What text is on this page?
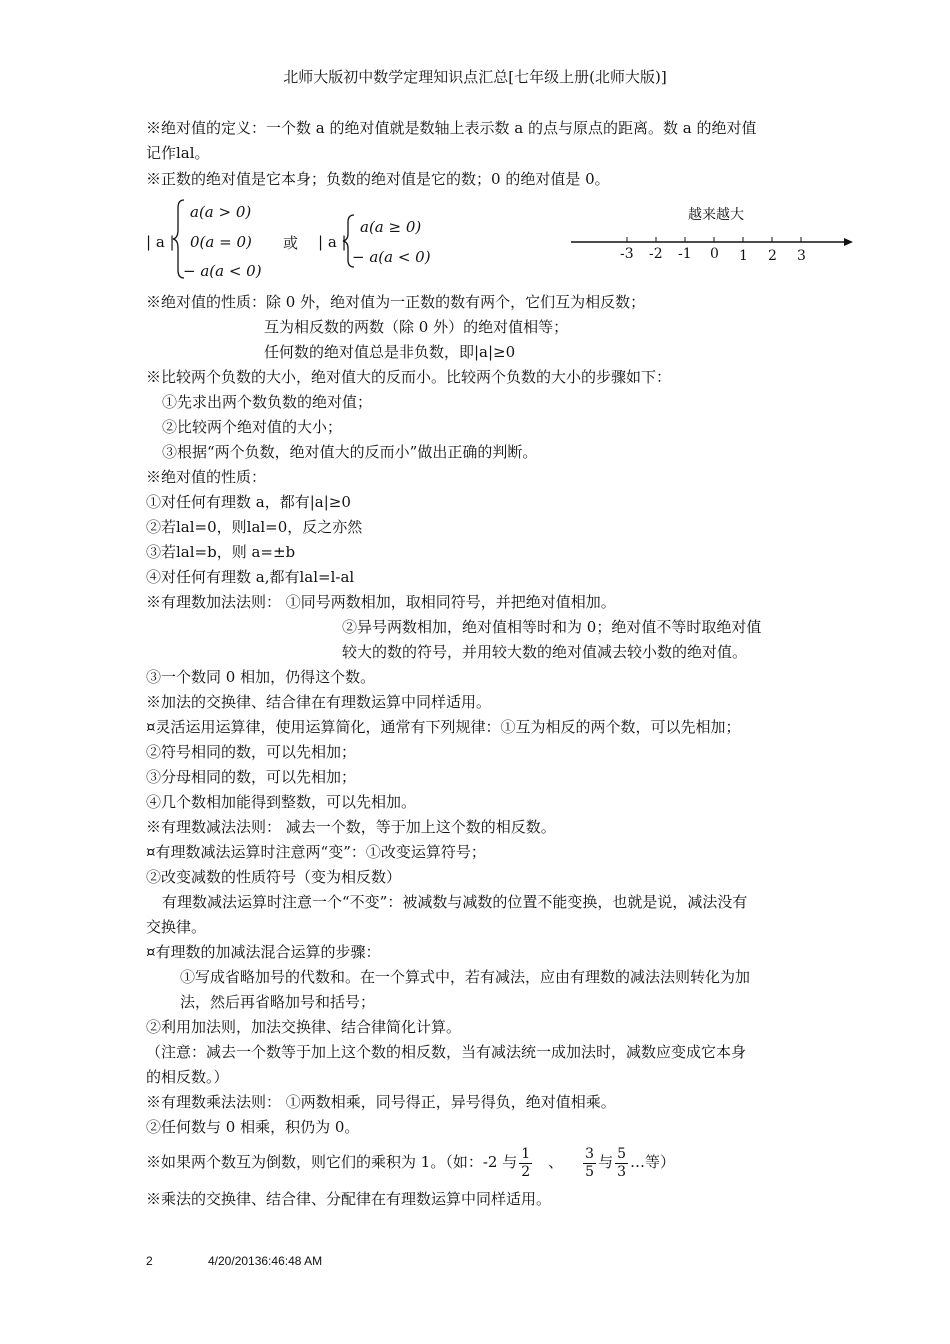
北师大版初中数学定理知识点汇总[七年级上册(北师大版)]
※绝对值的定义：一个数 a 的绝对值就是数轴上表示数 a 的点与原点的距离。数 a 的绝对值
记作lal。
※正数的绝对值是它本身；负数的绝对值是它的数；0 的绝对值是 0。
| a |
a(a > 0)
0(a = 0)
− a(a < 0)
或 | a |
a(a ≥ 0)
− a(a < 0)
越来越大
-3 -2 -1 0 1 2 3
※绝对值的性质：除 0 外，绝对值为一正数的数有两个，它们互为相反数；
互为相反数的两数（除 0 外）的绝对值相等；
任何数的绝对值总是非负数，即|a|≥0
※比较两个负数的大小，绝对值大的反而小。比较两个负数的大小的步骤如下：
①先求出两个数负数的绝对值；
②比较两个绝对值的大小；
③根据“两个负数，绝对值大的反而小”做出正确的判断。
※绝对值的性质：
①对任何有理数 a，都有|a|≥0
②若lal=0，则lal=0，反之亦然
③若lal=b，则 a=±b
④对任何有理数 a,都有lal=l-al
※有理数加法法则： ①同号两数相加，取相同符号，并把绝对值相加。
②异号两数相加，绝对值相等时和为 0；绝对值不等时取绝对值
较大的数的符号，并用较大数的绝对值减去较小数的绝对值。
③一个数同 0 相加，仍得这个数。
※加法的交换律、结合律在有理数运算中同样适用。
¤灵活运用运算律，使用运算简化，通常有下列规律：①互为相反的两个数，可以先相加；
②符号相同的数，可以先相加；
③分母相同的数，可以先相加；
④几个数相加能得到整数，可以先相加。
※有理数减法法则： 减去一个数，等于加上这个数的相反数。
¤有理数减法运算时注意两“变”：①改变运算符号；
②改变减数的性质符号（变为相反数）
有理数减法运算时注意一个“不变”：被减数与减数的位置不能变换，也就是说，减法没有
交换律。
¤有理数的加减法混合运算的步骤：
①写成省略加号的代数和。在一个算式中，若有减法，应由有理数的减法法则转化为加
法，然后再省略加号和括号；
②利用加法则，加法交换律、结合律简化计算。
（注意：减去一个数等于加上这个数的相反数，当有减法统一成加法时，减数应变成它本身
的相反数。）
※有理数乘法法则： ①两数相乘，同号得正，异号得负，绝对值相乘。
②任何数与 0 相乘，积仍为 0。
※如果两个数互为倒数，则它们的乘积为 1。（如：-2 与 $\frac{1}{2}$ 、 $\frac{3}{5}$ 与 $\frac{5}{3}$ …等）
※乘法的交换律、结合律、分配律在有理数运算中同样适用。
2	4/20/20136:46:48 AM
